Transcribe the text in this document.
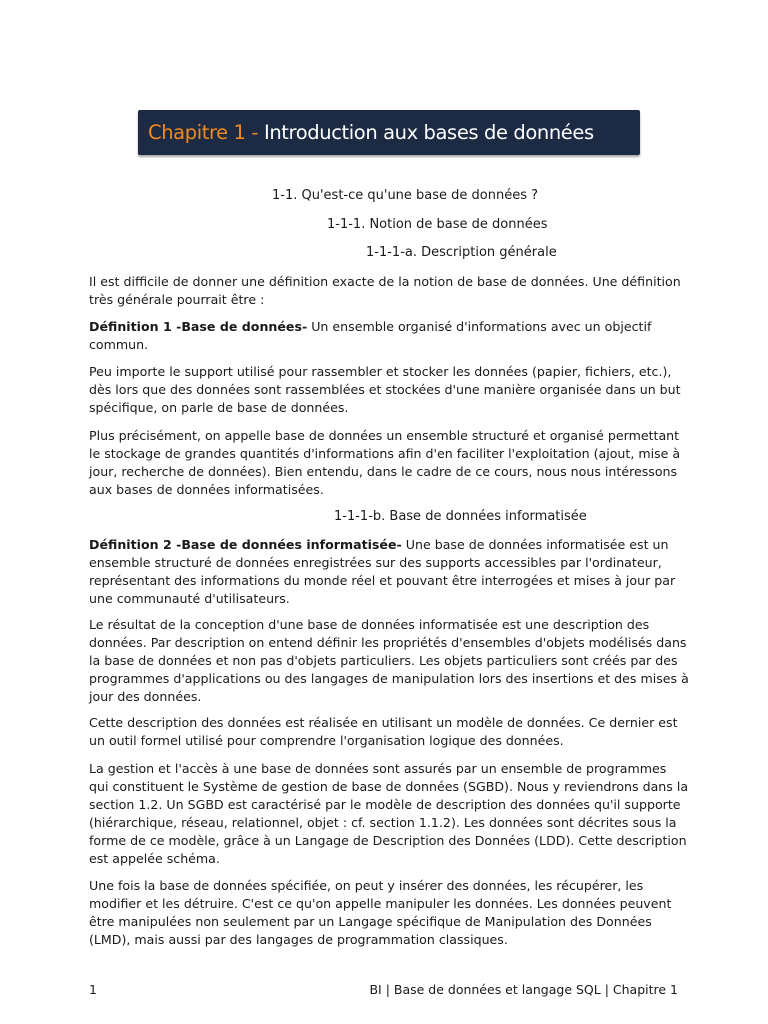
Chapitre 1 - Introduction aux bases de données
1-1. Qu'est-ce qu'une base de données ?
1-1-1. Notion de base de données
1-1-1-a. Description générale

Il est difficile de donner une définition exacte de la notion de base de données. Une définition très générale pourrait être :

Définition 1 -Base de données- Un ensemble organisé d'informations avec un objectif commun.

Peu importe le support utilisé pour rassembler et stocker les données (papier, fichiers, etc.), dès lors que des données sont rassemblées et stockées d'une manière organisée dans un but spécifique, on parle de base de données.

Plus précisément, on appelle base de données un ensemble structuré et organisé permettant le stockage de grandes quantités d'informations afin d'en faciliter l'exploitation (ajout, mise à jour, recherche de données). Bien entendu, dans le cadre de ce cours, nous nous intéressons aux bases de données informatisées.

1-1-1-b. Base de données informatisée

Définition 2 -Base de données informatisée- Une base de données informatisée est un ensemble structuré de données enregistrées sur des supports accessibles par l'ordinateur, représentant des informations du monde réel et pouvant être interrogées et mises à jour par une communauté d'utilisateurs.

Le résultat de la conception d'une base de données informatisée est une description des données. Par description on entend définir les propriétés d'ensembles d'objets modélisés dans la base de données et non pas d'objets particuliers. Les objets particuliers sont créés par des programmes d'applications ou des langages de manipulation lors des insertions et des mises à jour des données.

Cette description des données est réalisée en utilisant un modèle de données. Ce dernier est un outil formel utilisé pour comprendre l'organisation logique des données.

La gestion et l'accès à une base de données sont assurés par un ensemble de programmes qui constituent le Système de gestion de base de données (SGBD). Nous y reviendrons dans la section 1.2. Un SGBD est caractérisé par le modèle de description des données qu'il supporte (hiérarchique, réseau, relationnel, objet : cf. section 1.1.2). Les données sont décrites sous la forme de ce modèle, grâce à un Langage de Description des Données (LDD). Cette description est appelée schéma.

Une fois la base de données spécifiée, on peut y insérer des données, les récupérer, les modifier et les détruire. C'est ce qu'on appelle manipuler les données. Les données peuvent être manipulées non seulement par un Langage spécifique de Manipulation des Données (LMD), mais aussi par des langages de programmation classiques.

1	BI | Base de données et langage SQL | Chapitre 1
